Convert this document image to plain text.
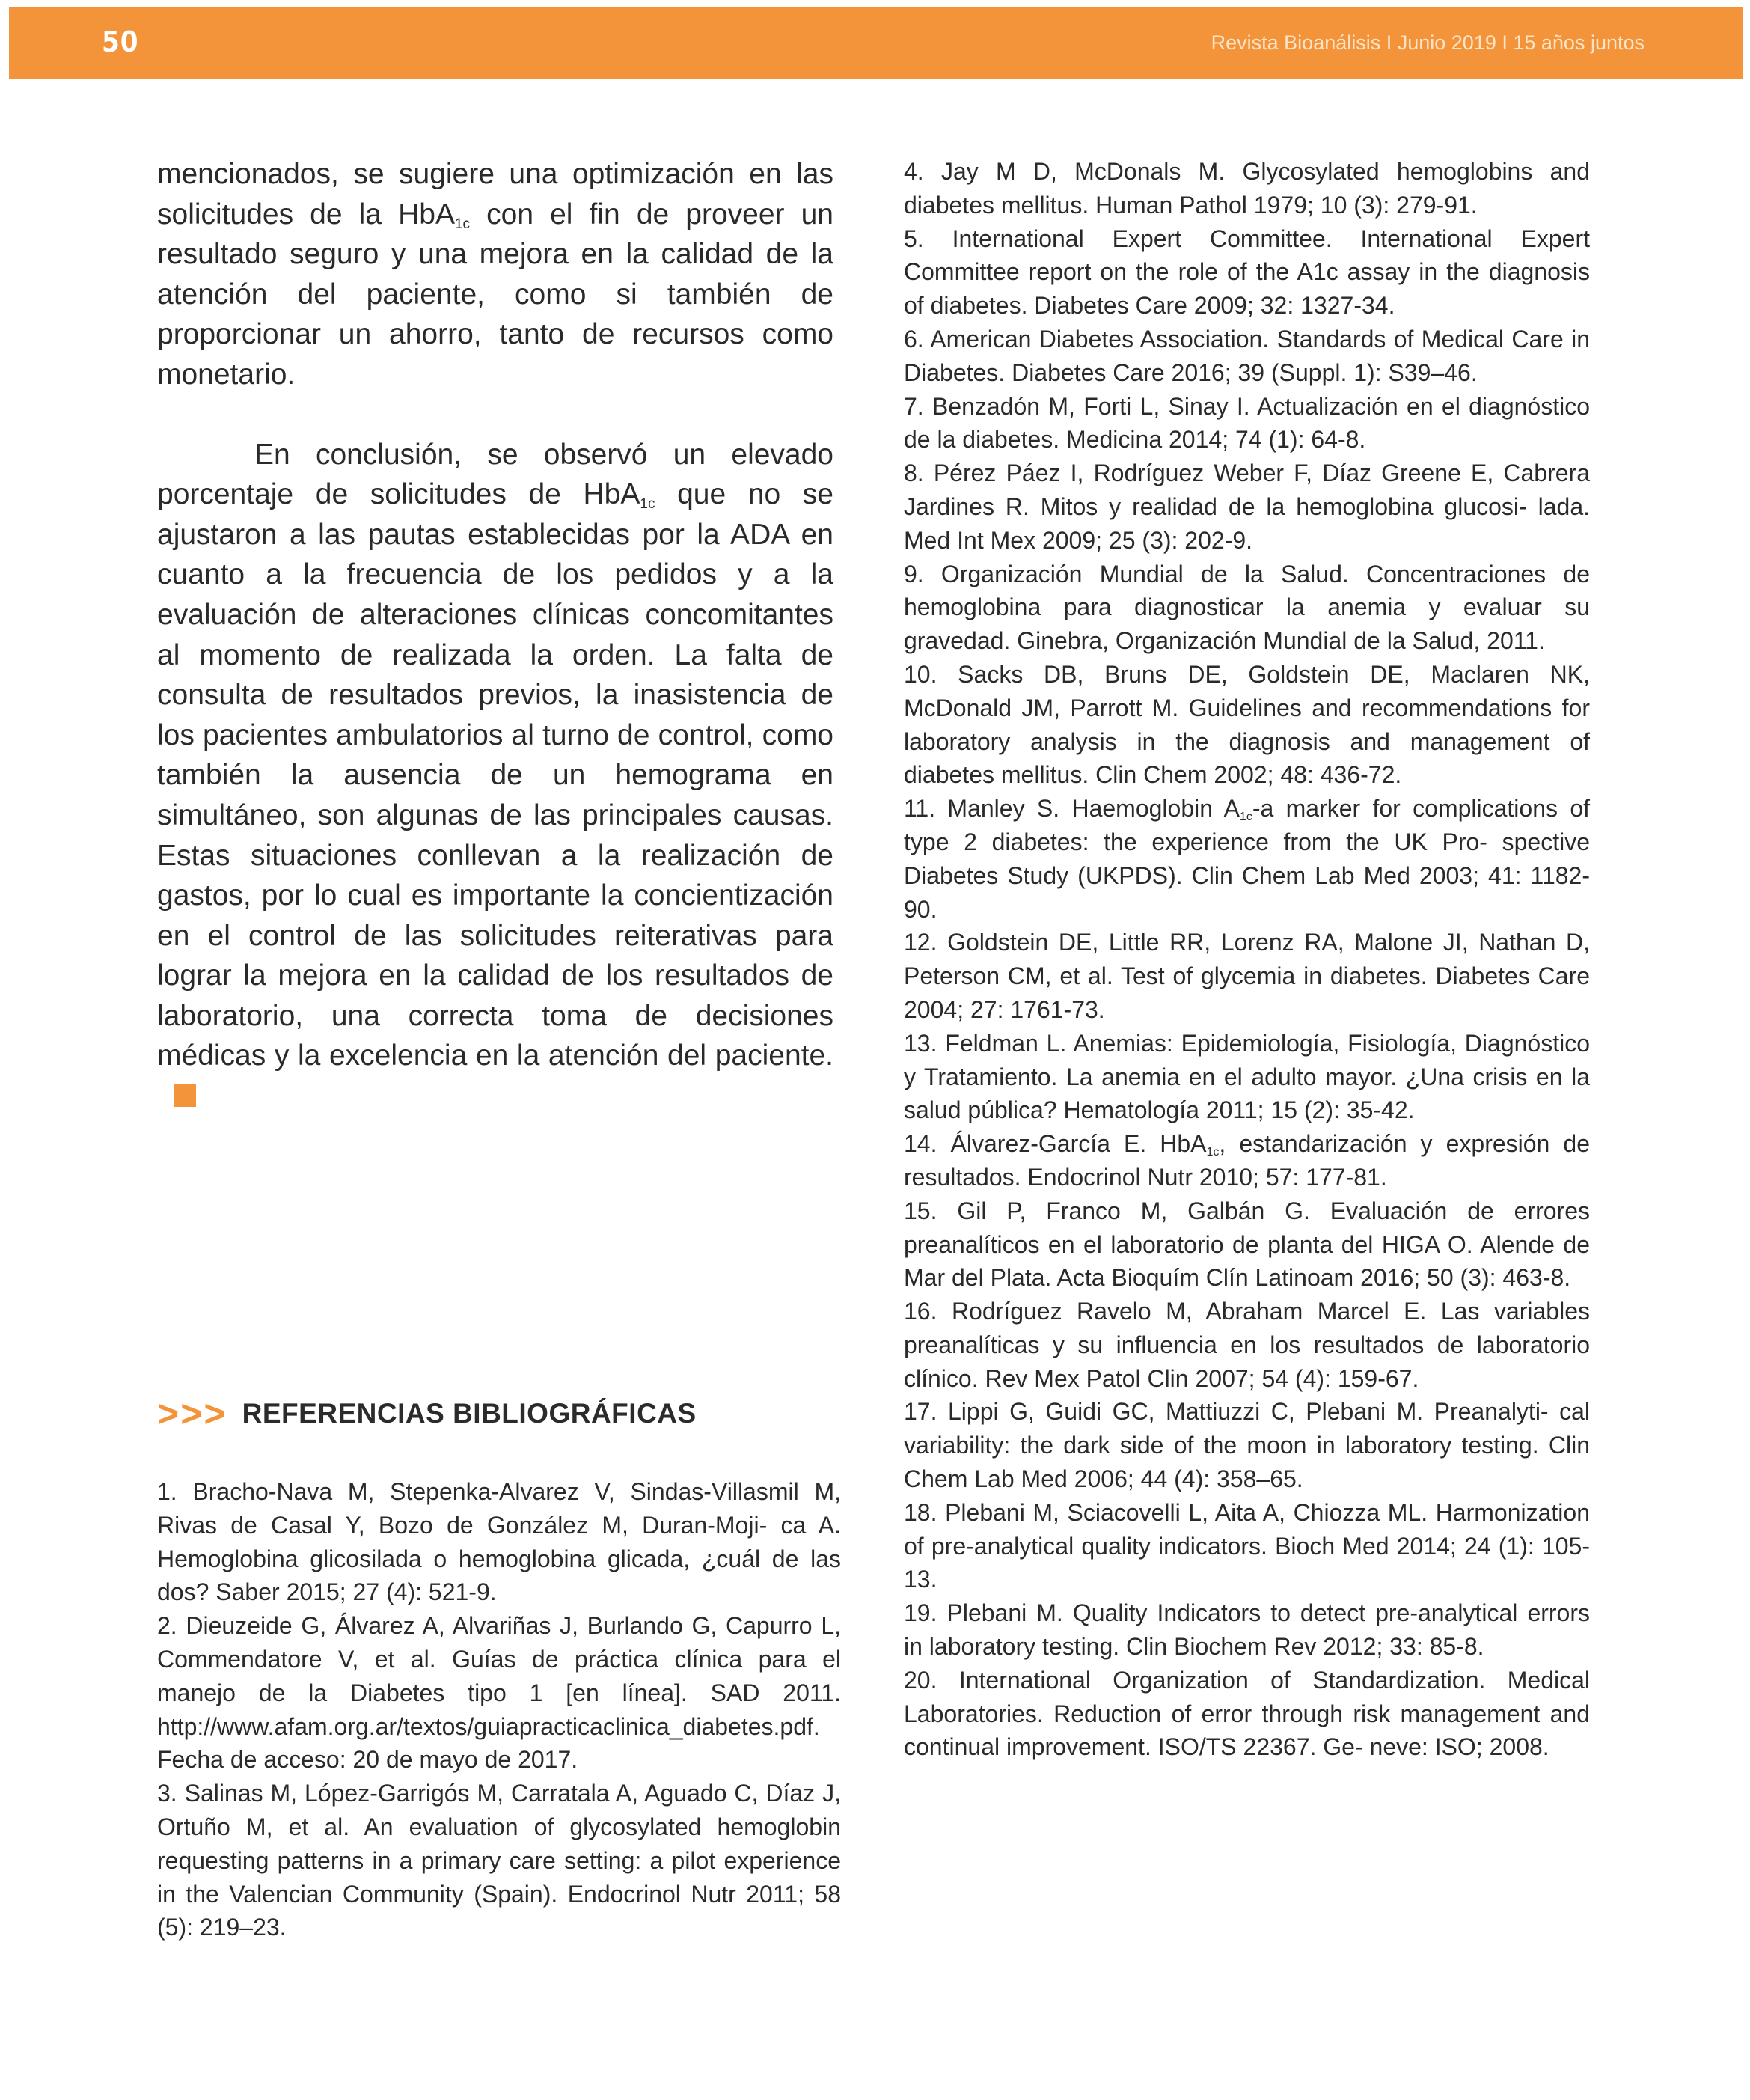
50	Revista Bioanálisis I Junio 2019 I 15 años juntos

mencionados, se sugiere una optimización en las solicitudes de la HbA$_{1c}$ con el fin de proveer un resultado seguro y una mejora en la calidad de la atención del paciente, como si también de proporcionar un ahorro, tanto de recursos como monetario.

En conclusión, se observó un elevado porcentaje de solicitudes de HbA$_{1c}$ que no se ajustaron a las pautas establecidas por la ADA en cuanto a la frecuencia de los pedidos y a la evaluación de alteraciones clínicas concomitantes al momento de realizada la orden. La falta de consulta de resultados previos, la inasistencia de los pacientes ambulatorios al turno de control, como también la ausencia de un hemograma en simultáneo, son algunas de las principales causas. Estas situaciones conllevan a la realización de gastos, por lo cual es importante la concientización en el control de las solicitudes reiterativas para lograr la mejora en la calidad de los resultados de laboratorio, una correcta toma de decisiones médicas y la excelencia en la atención del paciente.

>>> REFERENCIAS BIBLIOGRÁFICAS

1. Bracho-Nava M, Stepenka-Alvarez V, Sindas-Villasmil M, Rivas de Casal Y, Bozo de González M, Duran-Moji- ca A. Hemoglobina glicosilada o hemoglobina glicada, ¿cuál de las dos? Saber 2015; 27 (4): 521-9.

2. Dieuzeide G, Álvarez A, Alvariñas J, Burlando G, Capurro L, Commendatore V, et al. Guías de práctica clínica para el manejo de la Diabetes tipo 1 [en línea]. SAD 2011. http://www.afam.org.ar/textos/guiapracticaclinica_diabetes.pdf. Fecha de acceso: 20 de mayo de 2017.

3. Salinas M, López-Garrigós M, Carratala A, Aguado C, Díaz J, Ortuño M, et al. An evaluation of glycosylated hemoglobin requesting patterns in a primary care setting: a pilot experience in the Valencian Community (Spain). Endocrinol Nutr 2011; 58 (5): 219–23.

4. Jay M D, McDonals M. Glycosylated hemoglobins and diabetes mellitus. Human Pathol 1979; 10 (3): 279-91.

5. International Expert Committee. International Expert Committee report on the role of the A1c assay in the diagnosis of diabetes. Diabetes Care 2009; 32: 1327-34.

6. American Diabetes Association. Standards of Medical Care in Diabetes. Diabetes Care 2016; 39 (Suppl. 1): S39–46.

7. Benzadón M, Forti L, Sinay I. Actualización en el diagnóstico de la diabetes. Medicina 2014; 74 (1): 64-8.

8. Pérez Páez I, Rodríguez Weber F, Díaz Greene E, Cabrera Jardines R. Mitos y realidad de la hemoglobina glucosi- lada. Med Int Mex 2009; 25 (3): 202-9.

9. Organización Mundial de la Salud. Concentraciones de hemoglobina para diagnosticar la anemia y evaluar su gravedad. Ginebra, Organización Mundial de la Salud, 2011.

10. Sacks DB, Bruns DE, Goldstein DE, Maclaren NK, McDonald JM, Parrott M. Guidelines and recommendations for laboratory analysis in the diagnosis and management of diabetes mellitus. Clin Chem 2002; 48: 436-72.

11. Manley S. Haemoglobin $A_{1c}-a$ marker for complications of type 2 diabetes: the experience from the UK Pro- spective Diabetes Study (UKPDS). Clin Chem Lab Med 2003; 41: 1182-90.

12. Goldstein DE, Little RR, Lorenz RA, Malone JI, Nathan D, Peterson CM, et al. Test of glycemia in diabetes. Diabetes Care 2004; 27: 1761-73.

13. Feldman L. Anemias: Epidemiología, Fisiología, Diagnóstico y Tratamiento. La anemia en el adulto mayor. ¿Una crisis en la salud pública? Hematología 2011; 15 (2): 35-42.

14. Álvarez-García E. HbA$_{1c}$, estandarización y expresión de resultados. Endocrinol Nutr 2010; 57: 177-81.

15. Gil P, Franco M, Galbán G. Evaluación de errores preanalíticos en el laboratorio de planta del HIGA O. Alende de Mar del Plata. Acta Bioquím Clín Latinoam 2016; 50 (3): 463-8.

16. Rodríguez Ravelo M, Abraham Marcel E. Las variables preanalíticas y su influencia en los resultados de laboratorio clínico. Rev Mex Patol Clin 2007; 54 (4): 159-67.

17. Lippi G, Guidi GC, Mattiuzzi C, Plebani M. Preanalyti- cal variability: the dark side of the moon in laboratory testing. Clin Chem Lab Med 2006; 44 (4): 358–65.

18. Plebani M, Sciacovelli L, Aita A, Chiozza ML. Harmonization of pre-analytical quality indicators. Bioch Med 2014; 24 (1): 105-13.

19. Plebani M. Quality Indicators to detect pre-analytical errors in laboratory testing. Clin Biochem Rev 2012; 33: 85-8.

20. International Organization of Standardization. Medical Laboratories. Reduction of error through risk management and continual improvement. ISO/TS 22367. Ge- neve: ISO; 2008.
